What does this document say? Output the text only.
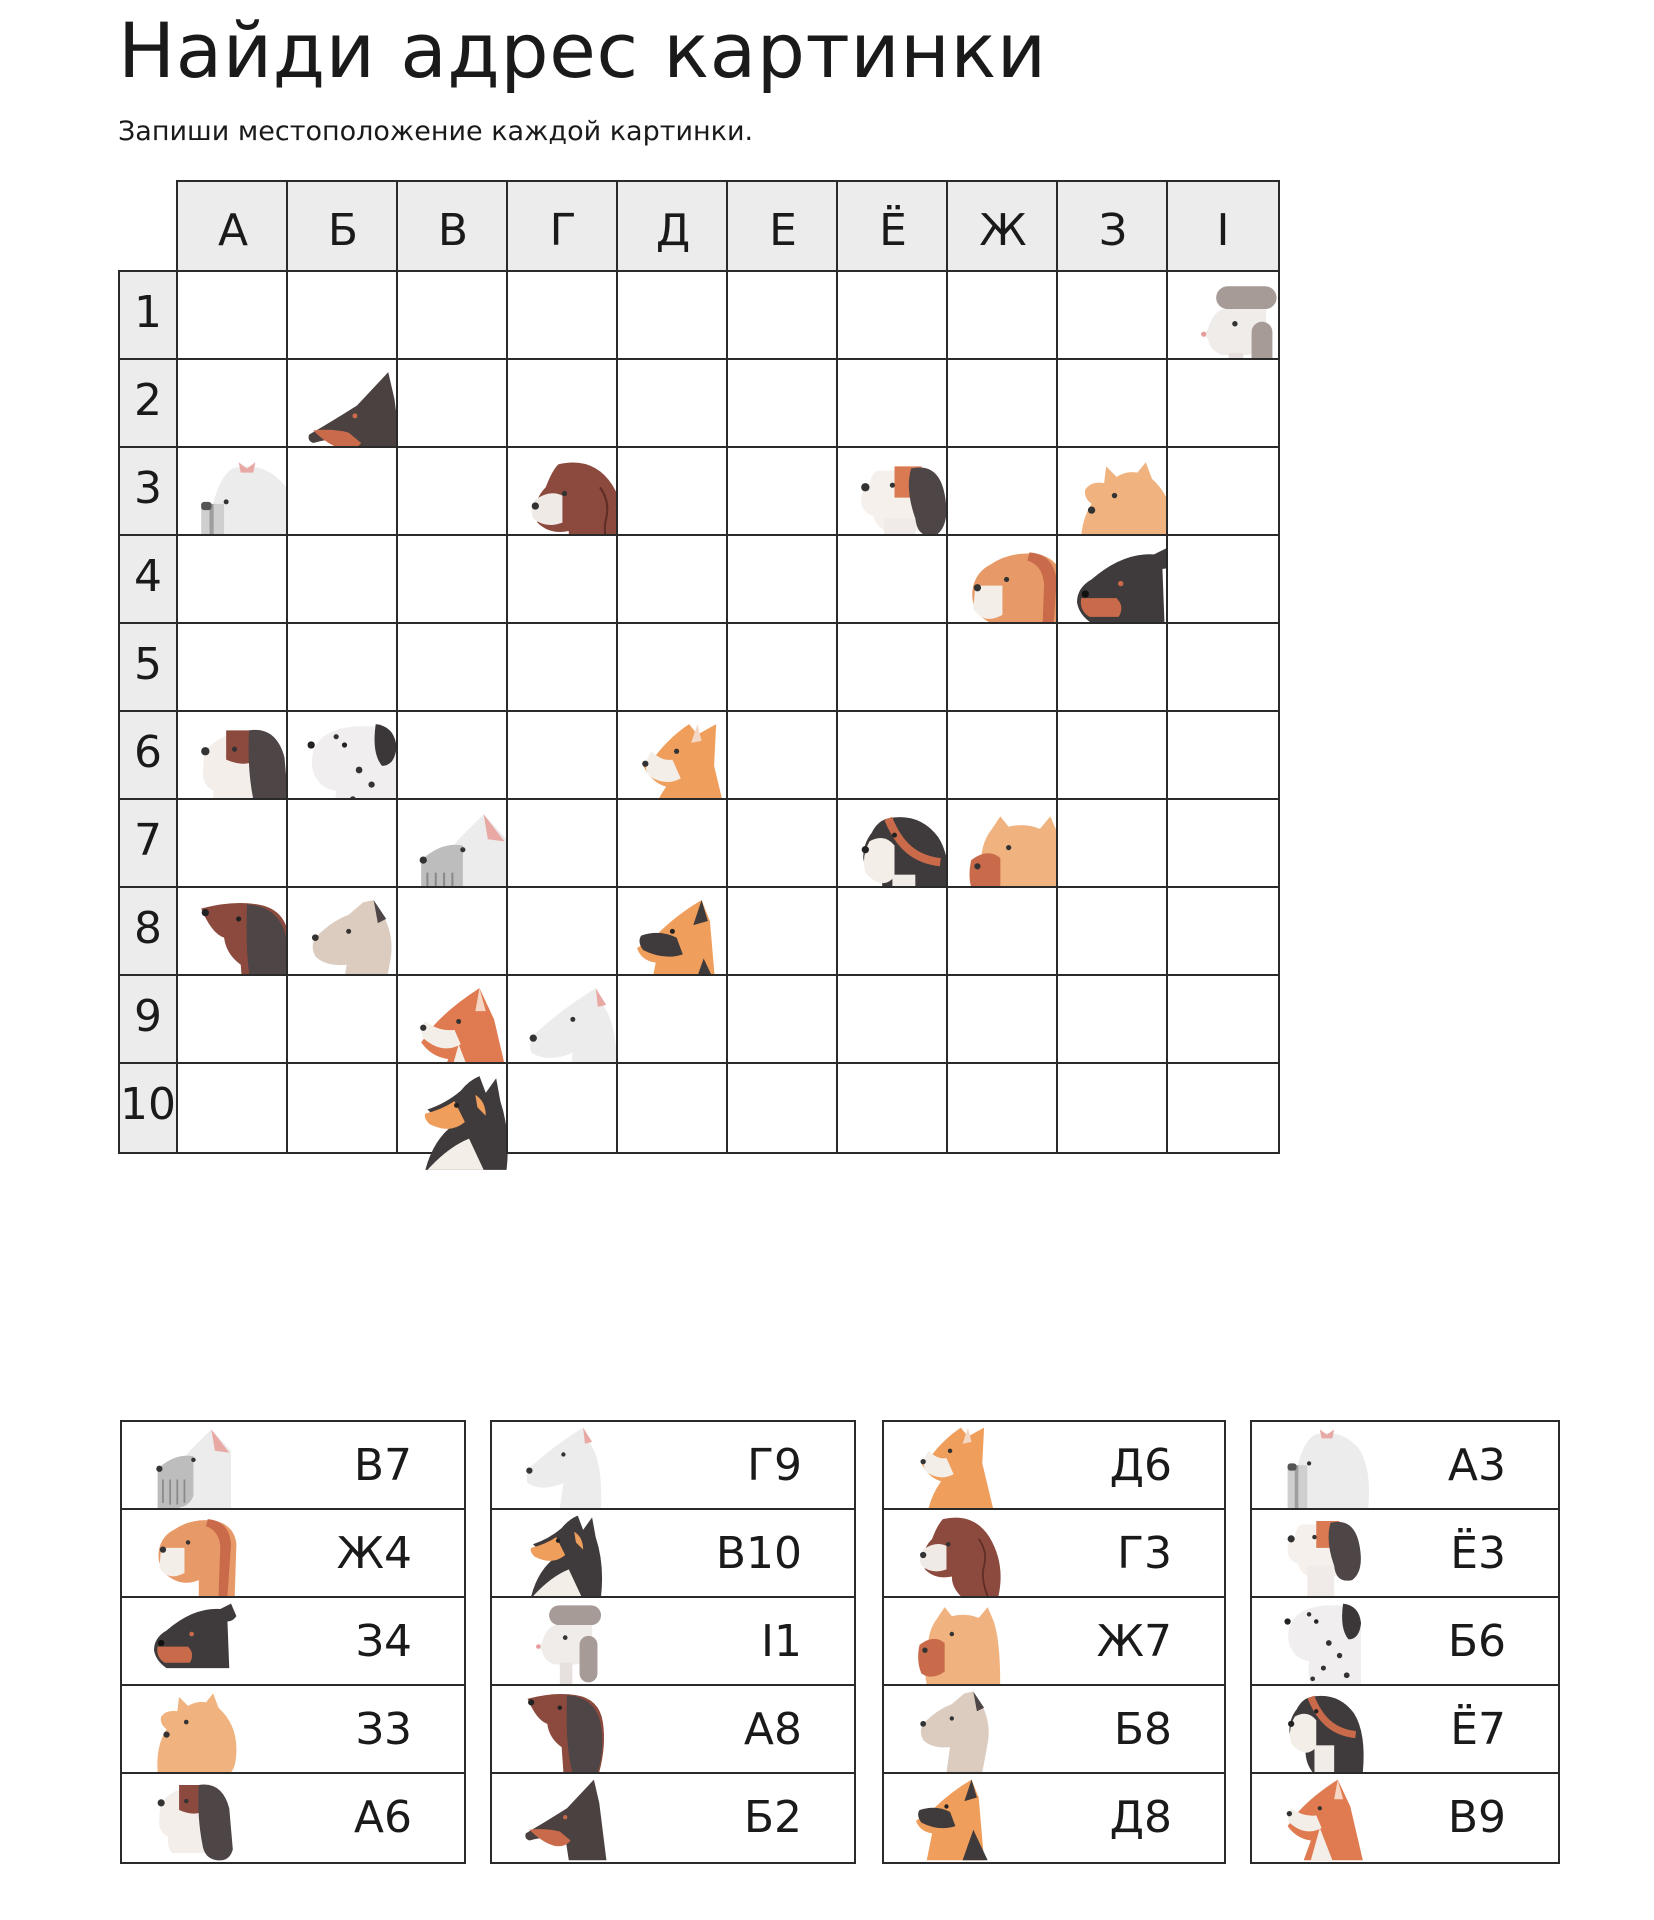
Найди адрес картинки

Запиши местоположение каждой картинки.

А	Б	В	Г	Д	Е	Ё	Ж	З	І
1
2
3
4
5
6
7
8
9
10
В7
Ж4
З4
З3
А6
Г9
В10
І1
А8
Б2
Д6
Г3
Ж7
Б8
Д8
А3
Ё3
Б6
Ё7
В9
